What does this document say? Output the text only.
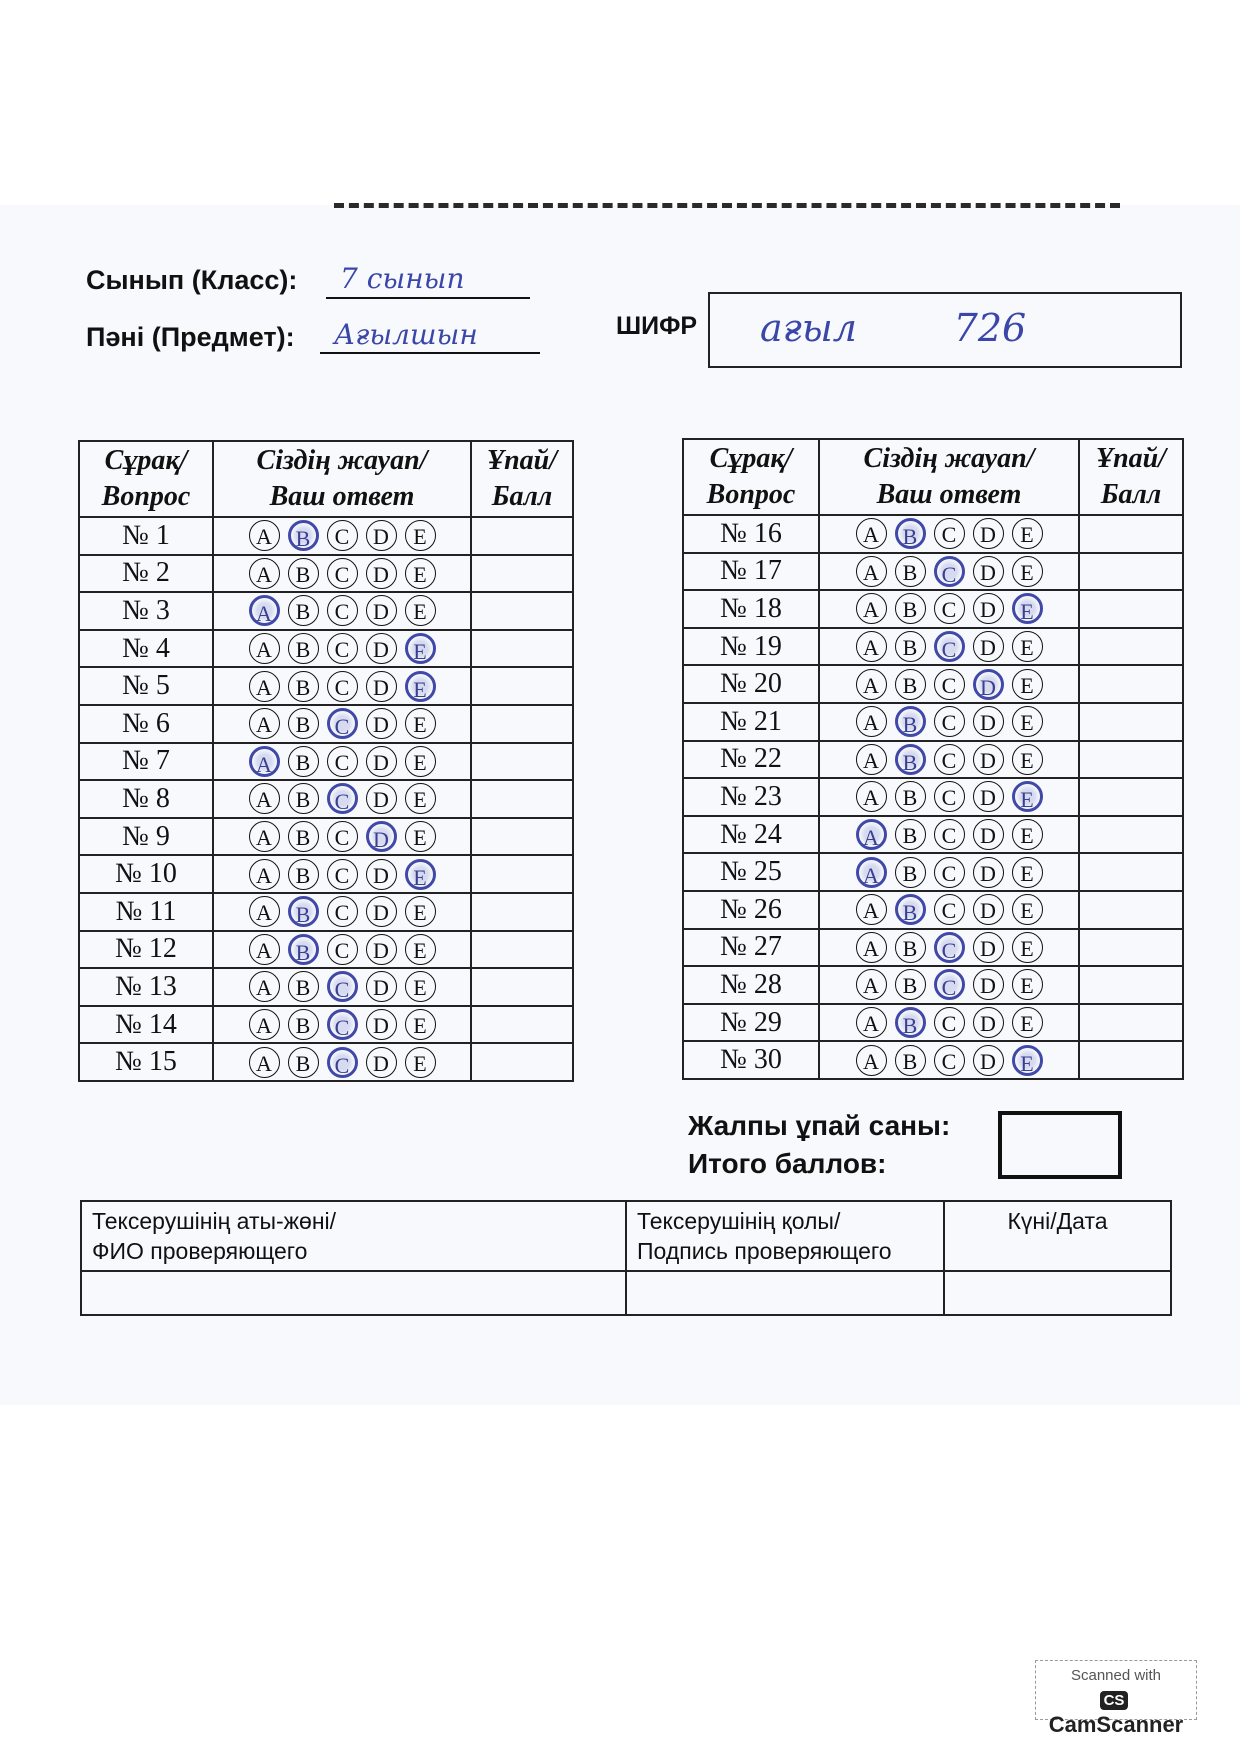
Сынып (Класс): 7 сынып
Пәні (Предмет): Ағылшын	ШИФР ағыл        726
Сұрақ/
Вопрос	Сіздің жауап/
Ваш ответ	Ұпай/
Балл
№ 1	A B C D E	
№ 2	A B C D E	
№ 3	A B C D E	
№ 4	A B C D E	
№ 5	A B C D E	
№ 6	A B C D E	
№ 7	A B C D E	
№ 8	A B C D E	
№ 9	A B C D E	
№ 10	A B C D E	
№ 11	A B C D E	
№ 12	A B C D E	
№ 13	A B C D E	
№ 14	A B C D E	
№ 15	A B C D E	
Сұрақ/
Вопрос	Сіздің жауап/
Ваш ответ	Ұпай/
Балл
№ 16	A B C D E	
№ 17	A B C D E	
№ 18	A B C D E	
№ 19	A B C D E	
№ 20	A B C D E	
№ 21	A B C D E	
№ 22	A B C D E	
№ 23	A B C D E	
№ 24	A B C D E	
№ 25	A B C D E	
№ 26	A B C D E	
№ 27	A B C D E	
№ 28	A B C D E	
№ 29	A B C D E	
№ 30	A B C D E	
Жалпы ұпай саны:
Итого баллов:
Тексерушінің аты-жөні/
ФИО проверяющего	Тексерушінің қолы/
Подпись проверяющего	Күні/Дата

Scanned with
CSCamScanner
